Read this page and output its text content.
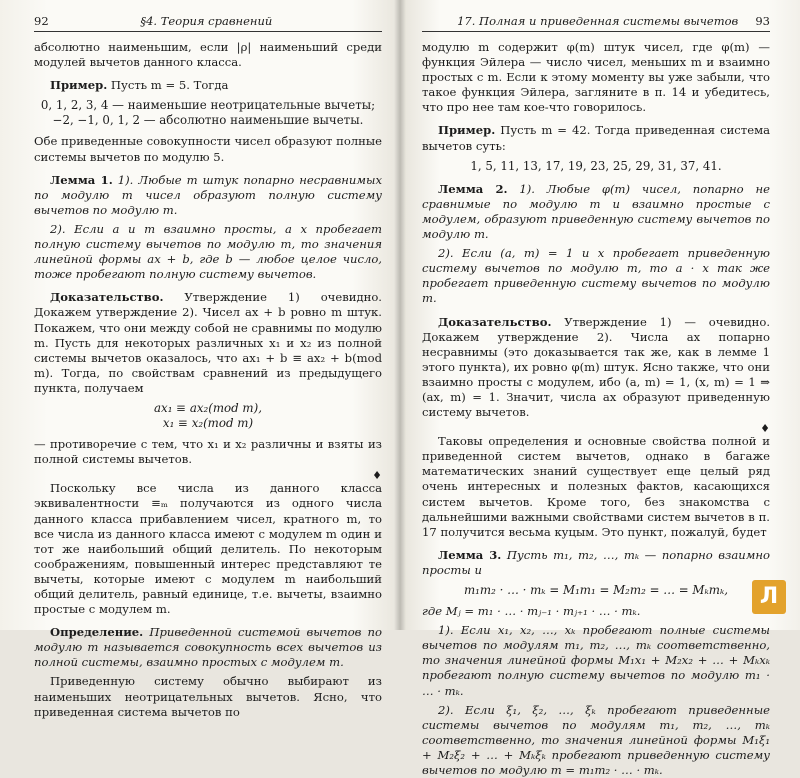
92	§4. Теория сравнений

абсолютно наименьшим, если |ρ| наименьший среди модулей вычетов данного класса.

Пример. Пусть m = 5. Тогда

0, 1, 2, 3, 4 — наименьшие неотрицательные вычеты;
−2, −1, 0, 1, 2 — абсолютно наименьшие вычеты.

Обе приведенные совокупности чисел образуют полные системы вычетов по модулю 5.

Лемма 1. 1). Любые m штук попарно несравнимых по модулю m чисел образуют полную систему вычетов по модулю m.

2). Если a и m взаимно просты, а x пробегает полную систему вычетов по модулю m, то значения линейной формы ax + b, где b — любое целое число, тоже пробегают полную систему вычетов.

Доказательство. Утверждение 1) очевидно. Докажем утверждение 2). Чисел ax + b ровно m штук. Покажем, что они между собой не сравнимы по модулю m. Пусть для некоторых различных x₁ и x₂ из полной системы вычетов оказалось, что ax₁ + b ≡ ax₂ + b(mod m). Тогда, по свойствам сравнений из предыдущего пункта, получаем

ax₁ ≡ ax₂(mod m),
x₁ ≡ x₂(mod m)

— противоречие с тем, что x₁ и x₂ различны и взяты из полной системы вычетов.

♦

Поскольку все числа из данного класса эквивалентности ≡ₘ получаются из одного числа данного класса прибавлением чисел, кратного m, то все числа из данного класса имеют с модулем m один и тот же наибольший общий делитель. По некоторым соображениям, повышенный интерес представляют те вычеты, которые имеют с модулем m наибольший общий делитель, равный единице, т.е. вычеты, взаимно простые с модулем m.

Определение. Приведенной системой вычетов по модулю m называется совокупность всех вычетов из полной системы, взаимно простых с модулем m.

Приведенную систему обычно выбирают из наименьших неотрицательных вычетов. Ясно, что приведенная система вычетов по

17. Полная и приведенная системы вычетов 93

модулю m содержит φ(m) штук чисел, где φ(m) — функция Эйлера — число чисел, меньших m и взаимно простых с m. Если к этому моменту вы уже забыли, что такое функция Эйлера, загляните в п. 14 и убедитесь, что про нее там кое-что говорилось.

Пример. Пусть m = 42. Тогда приведенная система вычетов суть:

1, 5, 11, 13, 17, 19, 23, 25, 29, 31, 37, 41.

Лемма 2. 1). Любые φ(m) чисел, попарно не сравнимые по модулю m и взаимно простые с модулем, образуют приведенную систему вычетов по модулю m.

2). Если (a, m) = 1 и x пробегает приведенную систему вычетов по модулю m, то a · x так же пробегает приведенную систему вычетов по модулю m.

Доказательство. Утверждение 1) — очевидно. Докажем утверждение 2). Числа ax попарно несравнимы (это доказывается так же, как в лемме 1 этого пункта), их ровно φ(m) штук. Ясно также, что они взаимно просты с модулем, ибо (a, m) = 1, (x, m) = 1 ⇒ (ax, m) = 1. Значит, числа ax образуют приведенную систему вычетов.

♦

Таковы определения и основные свойства полной и приведенной систем вычетов, однако в багаже математических знаний существует еще целый ряд очень интересных и полезных фактов, касающихся систем вычетов. Кроме того, без знакомства с дальнейшими важными свойствами систем вычетов в п. 17 получится весьма куцым. Это пункт, пожалуй, будет

Лемма 3. Пусть m₁, m₂, …, mₖ — попарно взаимно просты и

m₁m₂ · … · mₖ = M₁m₁ = M₂m₂ = … = Mₖmₖ,

где Mⱼ = m₁ · … · mⱼ₋₁ · mⱼ₊₁ · … · mₖ.

1). Если x₁, x₂, …, xₖ пробегают полные системы вычетов по модулям m₁, m₂, …, mₖ соответственно, то значения линейной формы M₁x₁ + M₂x₂ + … + Mₖxₖ пробегают полную систему вычетов по модулю m₁ · … · mₖ.

2). Если ξ₁, ξ₂, …, ξₖ пробегают приведенные системы вычетов по модулям m₁, m₂, …, mₖ соответственно, то значения линейной формы M₁ξ₁ + M₂ξ₂ + … + Mₖξₖ пробегают приведенную систему вычетов по модулю m = m₁m₂ · … · mₖ.

Л
